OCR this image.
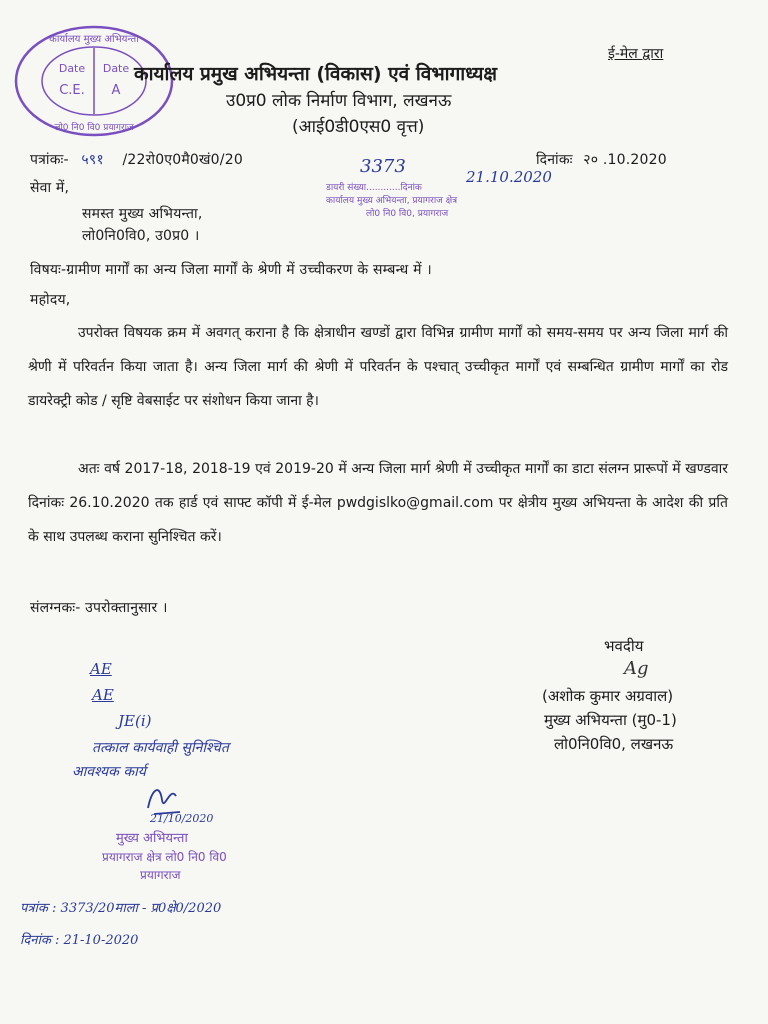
कार्यालय मुख्य अभियन्ता
Date
C.E.
Date
A
लो0 नि0 वि0 प्रयागराज
ई-मेल द्वारा
कार्यालय प्रमुख अभियन्ता (विकास) एवं विभागाध्यक्ष
उ0प्र0 लोक निर्माण विभाग, लखनऊ
(आई0डी0एस0 वृत्त)
पत्रांकः- ५९१ /22रो0ए0मै0खं0/20	दिनांकः २० .10.2020
3373	21.10.2020
डायरी संख्या............दिनांक
कार्यालय मुख्य अभियन्ता, प्रयागराज क्षेत्र
लो0 नि0 वि0, प्रयागराज
सेवा में,
समस्त मुख्य अभियन्ता,
लो0नि0वि0, उ0प्र0 ।
विषयः-ग्रामीण मार्गों का अन्य जिला मार्गों के श्रेणी में उच्चीकरण के सम्बन्ध में ।
महोदय,
उपरोक्त विषयक क्रम में अवगत् कराना है कि क्षेत्राधीन खण्डों द्वारा विभिन्न ग्रामीण मार्गों को समय-समय पर अन्य जिला मार्ग की श्रेणी में परिवर्तन किया जाता है। अन्य जिला मार्ग की श्रेणी में परिवर्तन के पश्चात् उच्चीकृत मार्गों एवं सम्बन्धित ग्रामीण मार्गों का रोड डायरेक्ट्री कोड / सृष्टि वेबसाईट पर संशोधन किया जाना है।
अतः वर्ष 2017-18, 2018-19 एवं 2019-20 में अन्य जिला मार्ग श्रेणी में उच्चीकृत मार्गों का डाटा संलग्न प्रारूपों में खण्डवार दिनांकः 26.10.2020 तक हार्ड एवं साफ्ट कॉपी में ई-मेल pwdgislko@gmail.com पर क्षेत्रीय मुख्य अभियन्ता के आदेश की प्रति के साथ उपलब्ध कराना सुनिश्चित करें।
संलग्नकः- उपरोक्तानुसार ।
भवदीय
Ag
(अशोक कुमार अग्रवाल)
मुख्य अभियन्ता (मु0-1)
लो0नि0वि0, लखनऊ
AE
AE
JE(i)
तत्काल कार्यवाही सुनिश्चित
आवश्यक कार्य
21/10/2020
मुख्य अभियन्ता
प्रयागराज क्षेत्र लो0 नि0 वि0
प्रयागराज
पत्रांक : 3373/20माला - प्र0क्षे0/2020
दिनांक : 21-10-2020
